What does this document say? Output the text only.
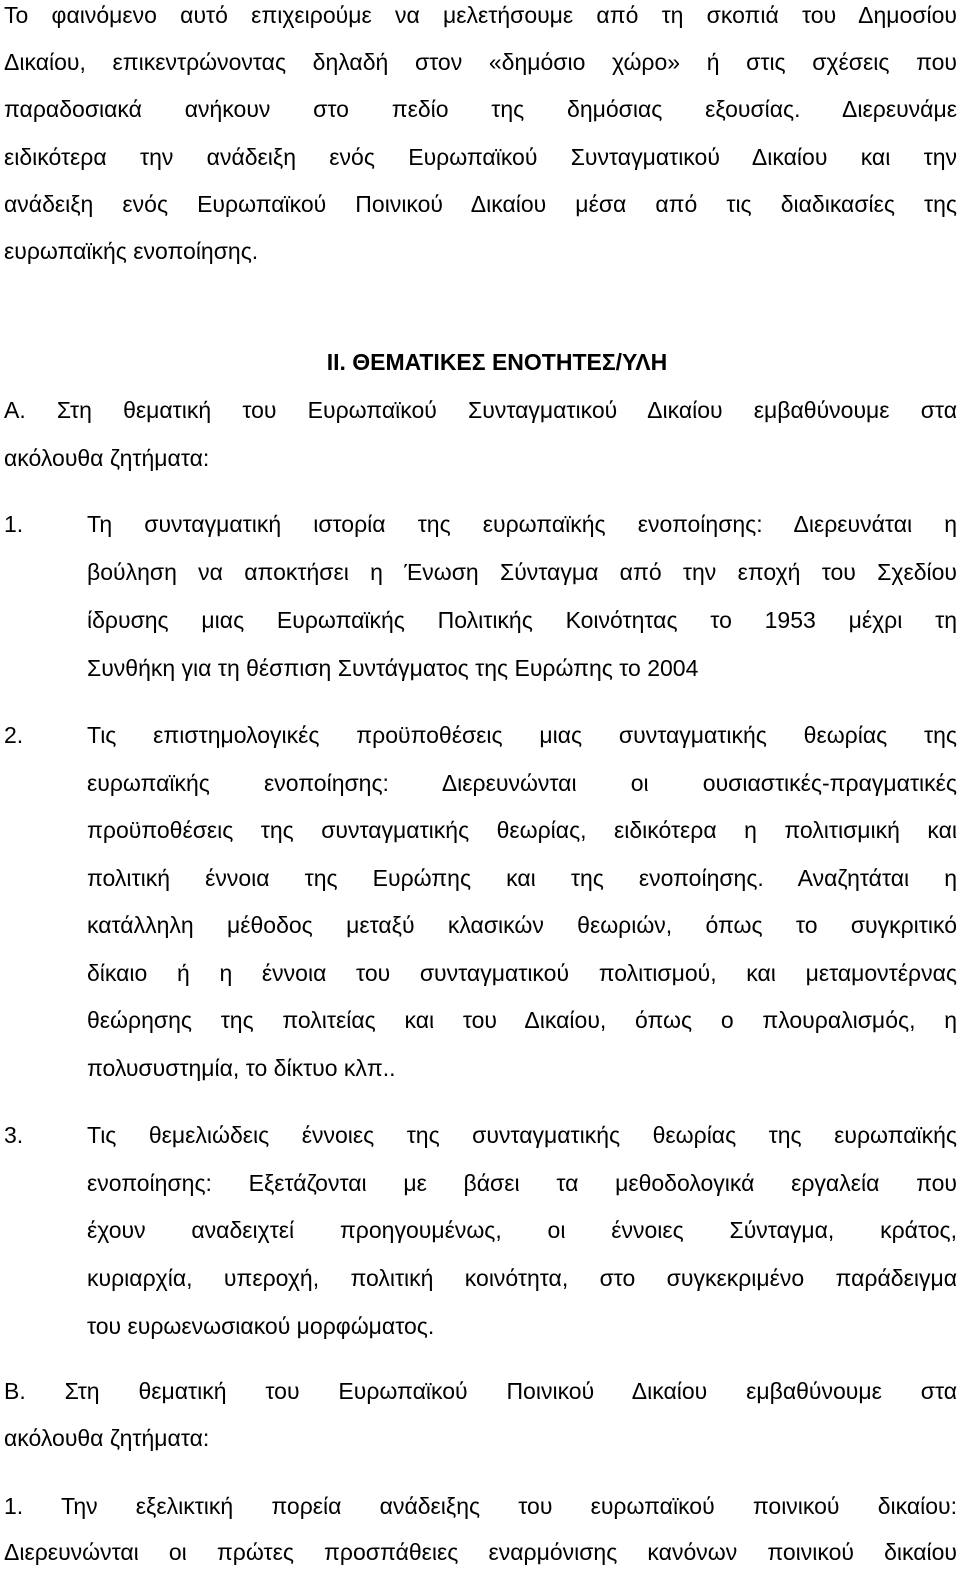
Το φαινόμενο αυτό επιχειρούμε να μελετήσουμε από τη σκοπιά του Δημοσίου
Δικαίου, επικεντρώνοντας δηλαδή στον «δημόσιο χώρο» ή στις σχέσεις που
παραδοσιακά ανήκουν στο πεδίο της δημόσιας εξουσίας. Διερευνάμε
ειδικότερα την ανάδειξη ενός Ευρωπαϊκού Συνταγματικού Δικαίου και την
ανάδειξη ενός Ευρωπαϊκού Ποινικού Δικαίου μέσα από τις διαδικασίες της
ευρωπαϊκής ενοποίησης.
II. ΘΕΜΑΤΙΚΕΣ ΕΝΟΤΗΤΕΣ/ΥΛΗ
Α. Στη θεματική του Ευρωπαϊκού Συνταγματικού Δικαίου εμβαθύνουμε στα
ακόλουθα ζητήματα:
1.	Τη συνταγματική ιστορία της ευρωπαϊκής ενοποίησης: Διερευνάται η
βούληση να αποκτήσει η Ένωση Σύνταγμα από την εποχή του Σχεδίου
ίδρυσης μιας Ευρωπαϊκής Πολιτικής Κοινότητας το 1953 μέχρι τη
Συνθήκη για τη θέσπιση Συντάγματος της Ευρώπης το 2004
2.	Τις επιστημολογικές προϋποθέσεις μιας συνταγματικής θεωρίας της
ευρωπαϊκής ενοποίησης: Διερευνώνται οι ουσιαστικές-πραγματικές
προϋποθέσεις της συνταγματικής θεωρίας, ειδικότερα η πολιτισμική και
πολιτική έννοια της Ευρώπης και της ενοποίησης. Αναζητάται η
κατάλληλη μέθοδος μεταξύ κλασικών θεωριών, όπως το συγκριτικό
δίκαιο ή η έννοια του συνταγματικού πολιτισμού, και μεταμοντέρνας
θεώρησης της πολιτείας και του Δικαίου, όπως ο πλουραλισμός, η
πολυσυστημία, το δίκτυο κλπ..
3.	Τις θεμελιώδεις έννοιες της συνταγματικής θεωρίας της ευρωπαϊκής
ενοποίησης: Εξετάζονται με βάσει τα μεθοδολογικά εργαλεία που
έχουν αναδειχτεί προηγουμένως, οι έννοιες Σύνταγμα, κράτος,
κυριαρχία, υπεροχή, πολιτική κοινότητα, στο συγκεκριμένο παράδειγμα
του ευρωενωσιακού μορφώματος.
Β. Στη θεματική του Ευρωπαϊκού Ποινικού Δικαίου εμβαθύνουμε στα
ακόλουθα ζητήματα:
1. Την εξελικτική πορεία ανάδειξης του ευρωπαϊκού ποινικού δικαίου:
Διερευνώνται οι πρώτες προσπάθειες εναρμόνισης κανόνων ποινικού δικαίου
